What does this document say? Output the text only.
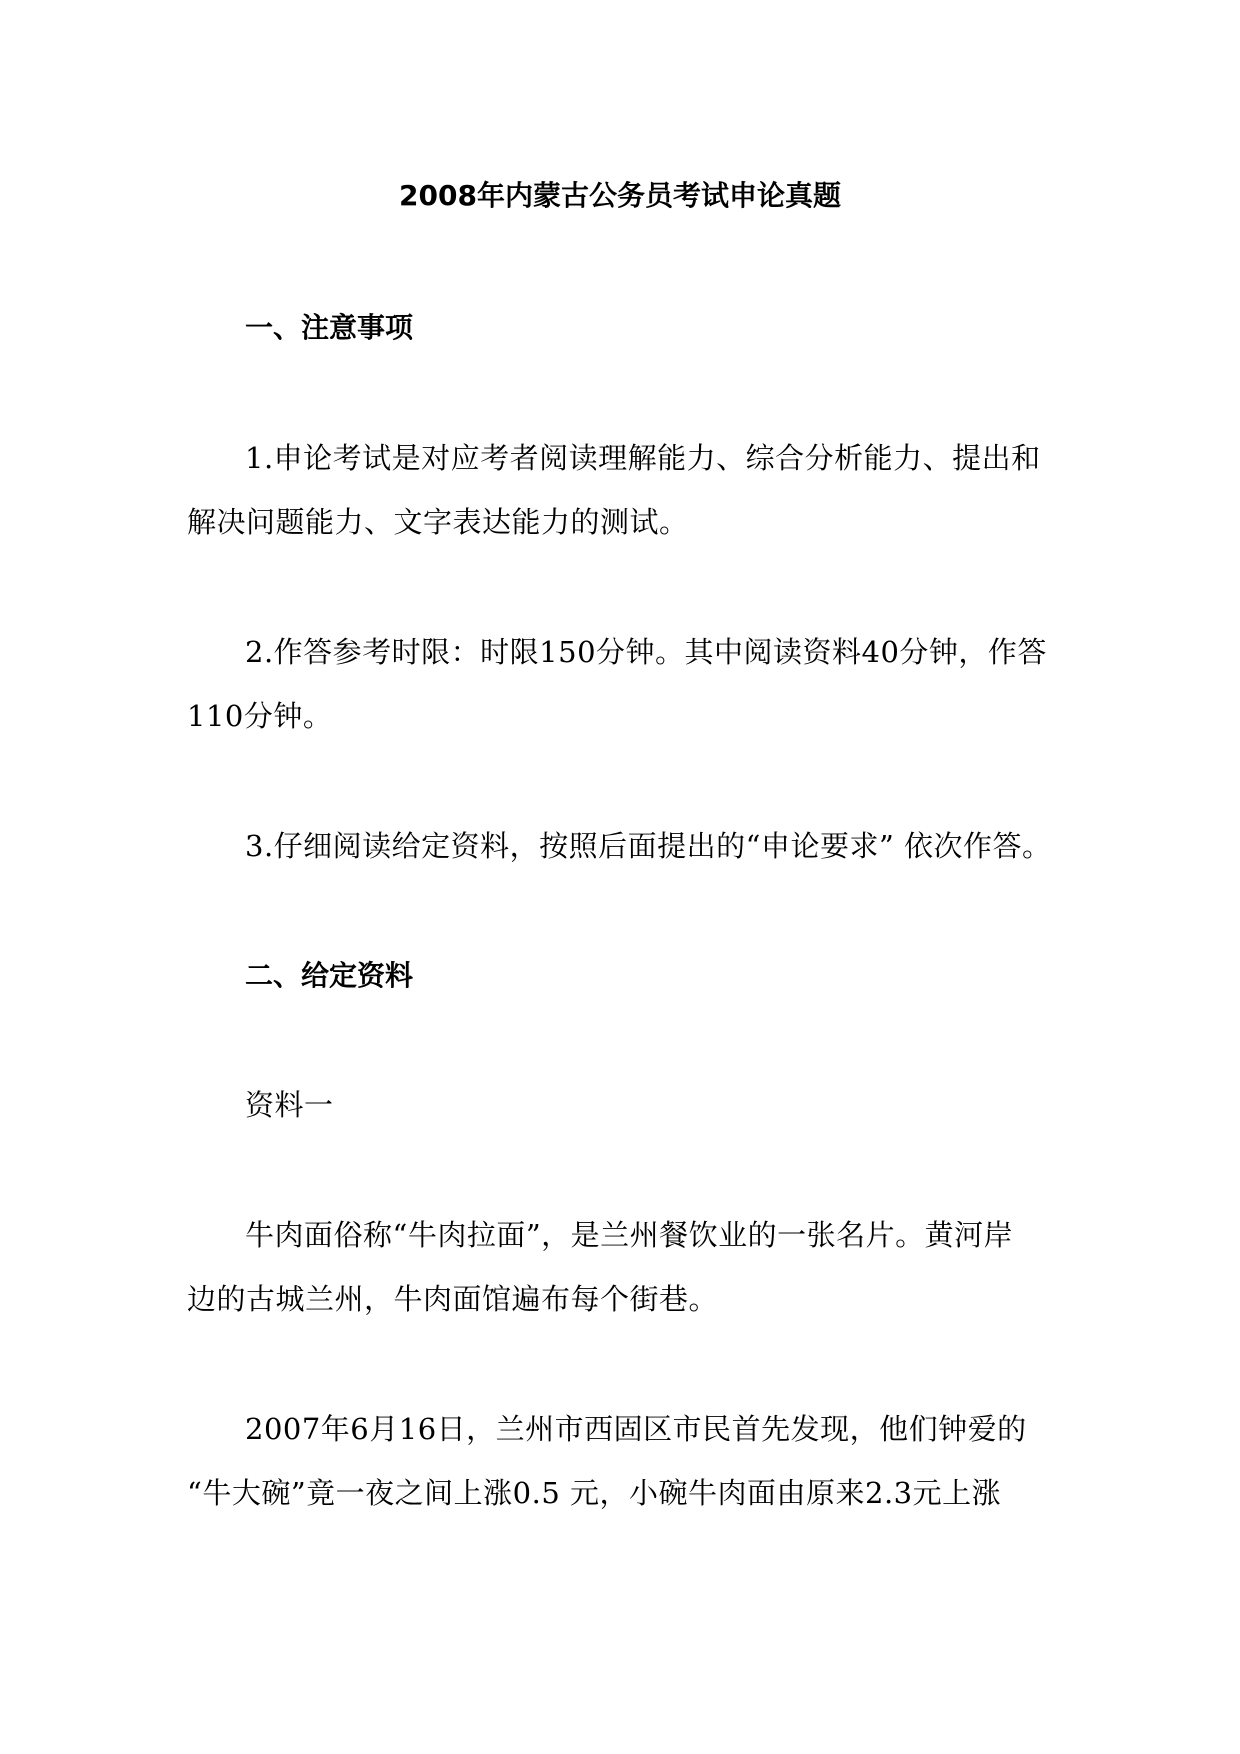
2008年内蒙古公务员考试申论真题
一、注意事项
1.申论考试是对应考者阅读理解能力、综合分析能力、提出和
解决问题能力、文字表达能力的测试。
2.作答参考时限：时限150分钟。其中阅读资料40分钟，作答
110分钟。
3.仔细阅读给定资料，按照后面提出的“申论要求” 依次作答。
二、给定资料
资料一
牛肉面俗称“牛肉拉面”，是兰州餐饮业的一张名片。黄河岸
边的古城兰州，牛肉面馆遍布每个街巷。
2007年6月16日，兰州市西固区市民首先发现，他们钟爱的
“牛大碗”竟一夜之间上涨0.5 元，小碗牛肉面由原来2.3元上涨
